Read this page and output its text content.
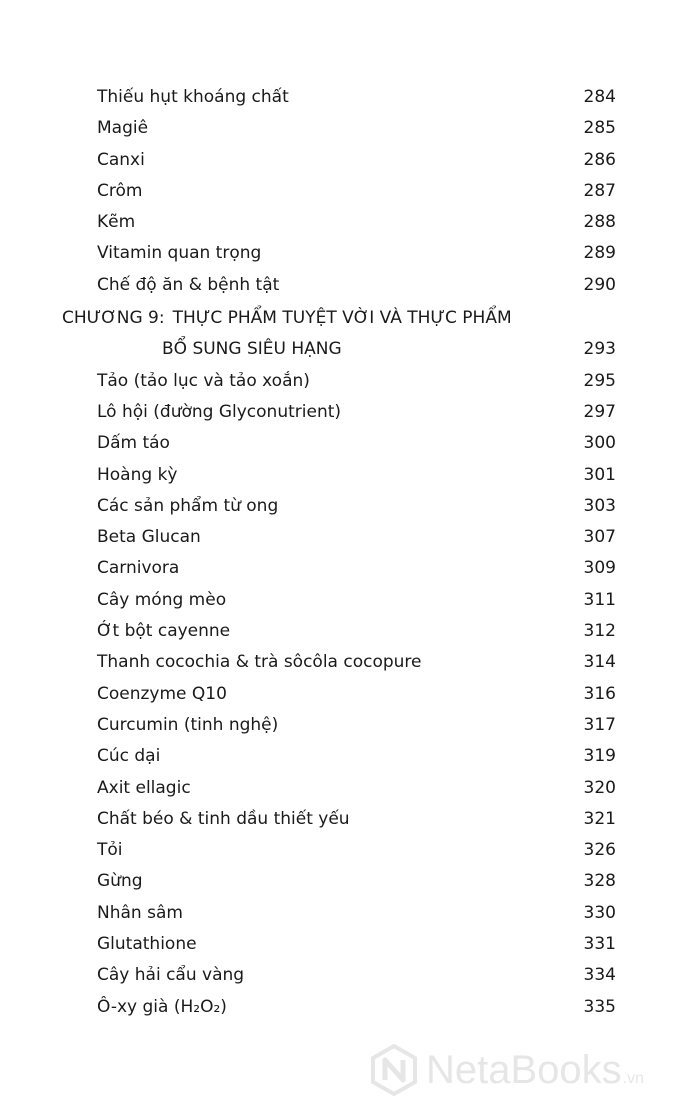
Thiếu hụt khoáng chất	284
Magiê	285
Canxi	286
Crôm	287
Kẽm	288
Vitamin quan trọng	289
Chế độ ăn & bệnh tật	290
CHƯƠNG 9: THỰC PHẨM TUYỆT VỜI VÀ THỰC PHẨM
BỔ SUNG SIÊU HẠNG	293
Tảo (tảo lục và tảo xoắn)	295
Lô hội (đường Glyconutrient)	297
Dấm táo	300
Hoàng kỳ	301
Các sản phẩm từ ong	303
Beta Glucan	307
Carnivora	309
Cây móng mèo	311
Ớt bột cayenne	312
Thanh cocochia & trà sôcôla cocopure	314
Coenzyme Q10	316
Curcumin (tinh nghệ)	317
Cúc dại	319
Axit ellagic	320
Chất béo & tinh dầu thiết yếu	321
Tỏi	326
Gừng	328
Nhân sâm	330
Glutathione	331
Cây hải cẩu vàng	334
Ô-xy già (H₂O₂)	335
NetaBooks .vn
